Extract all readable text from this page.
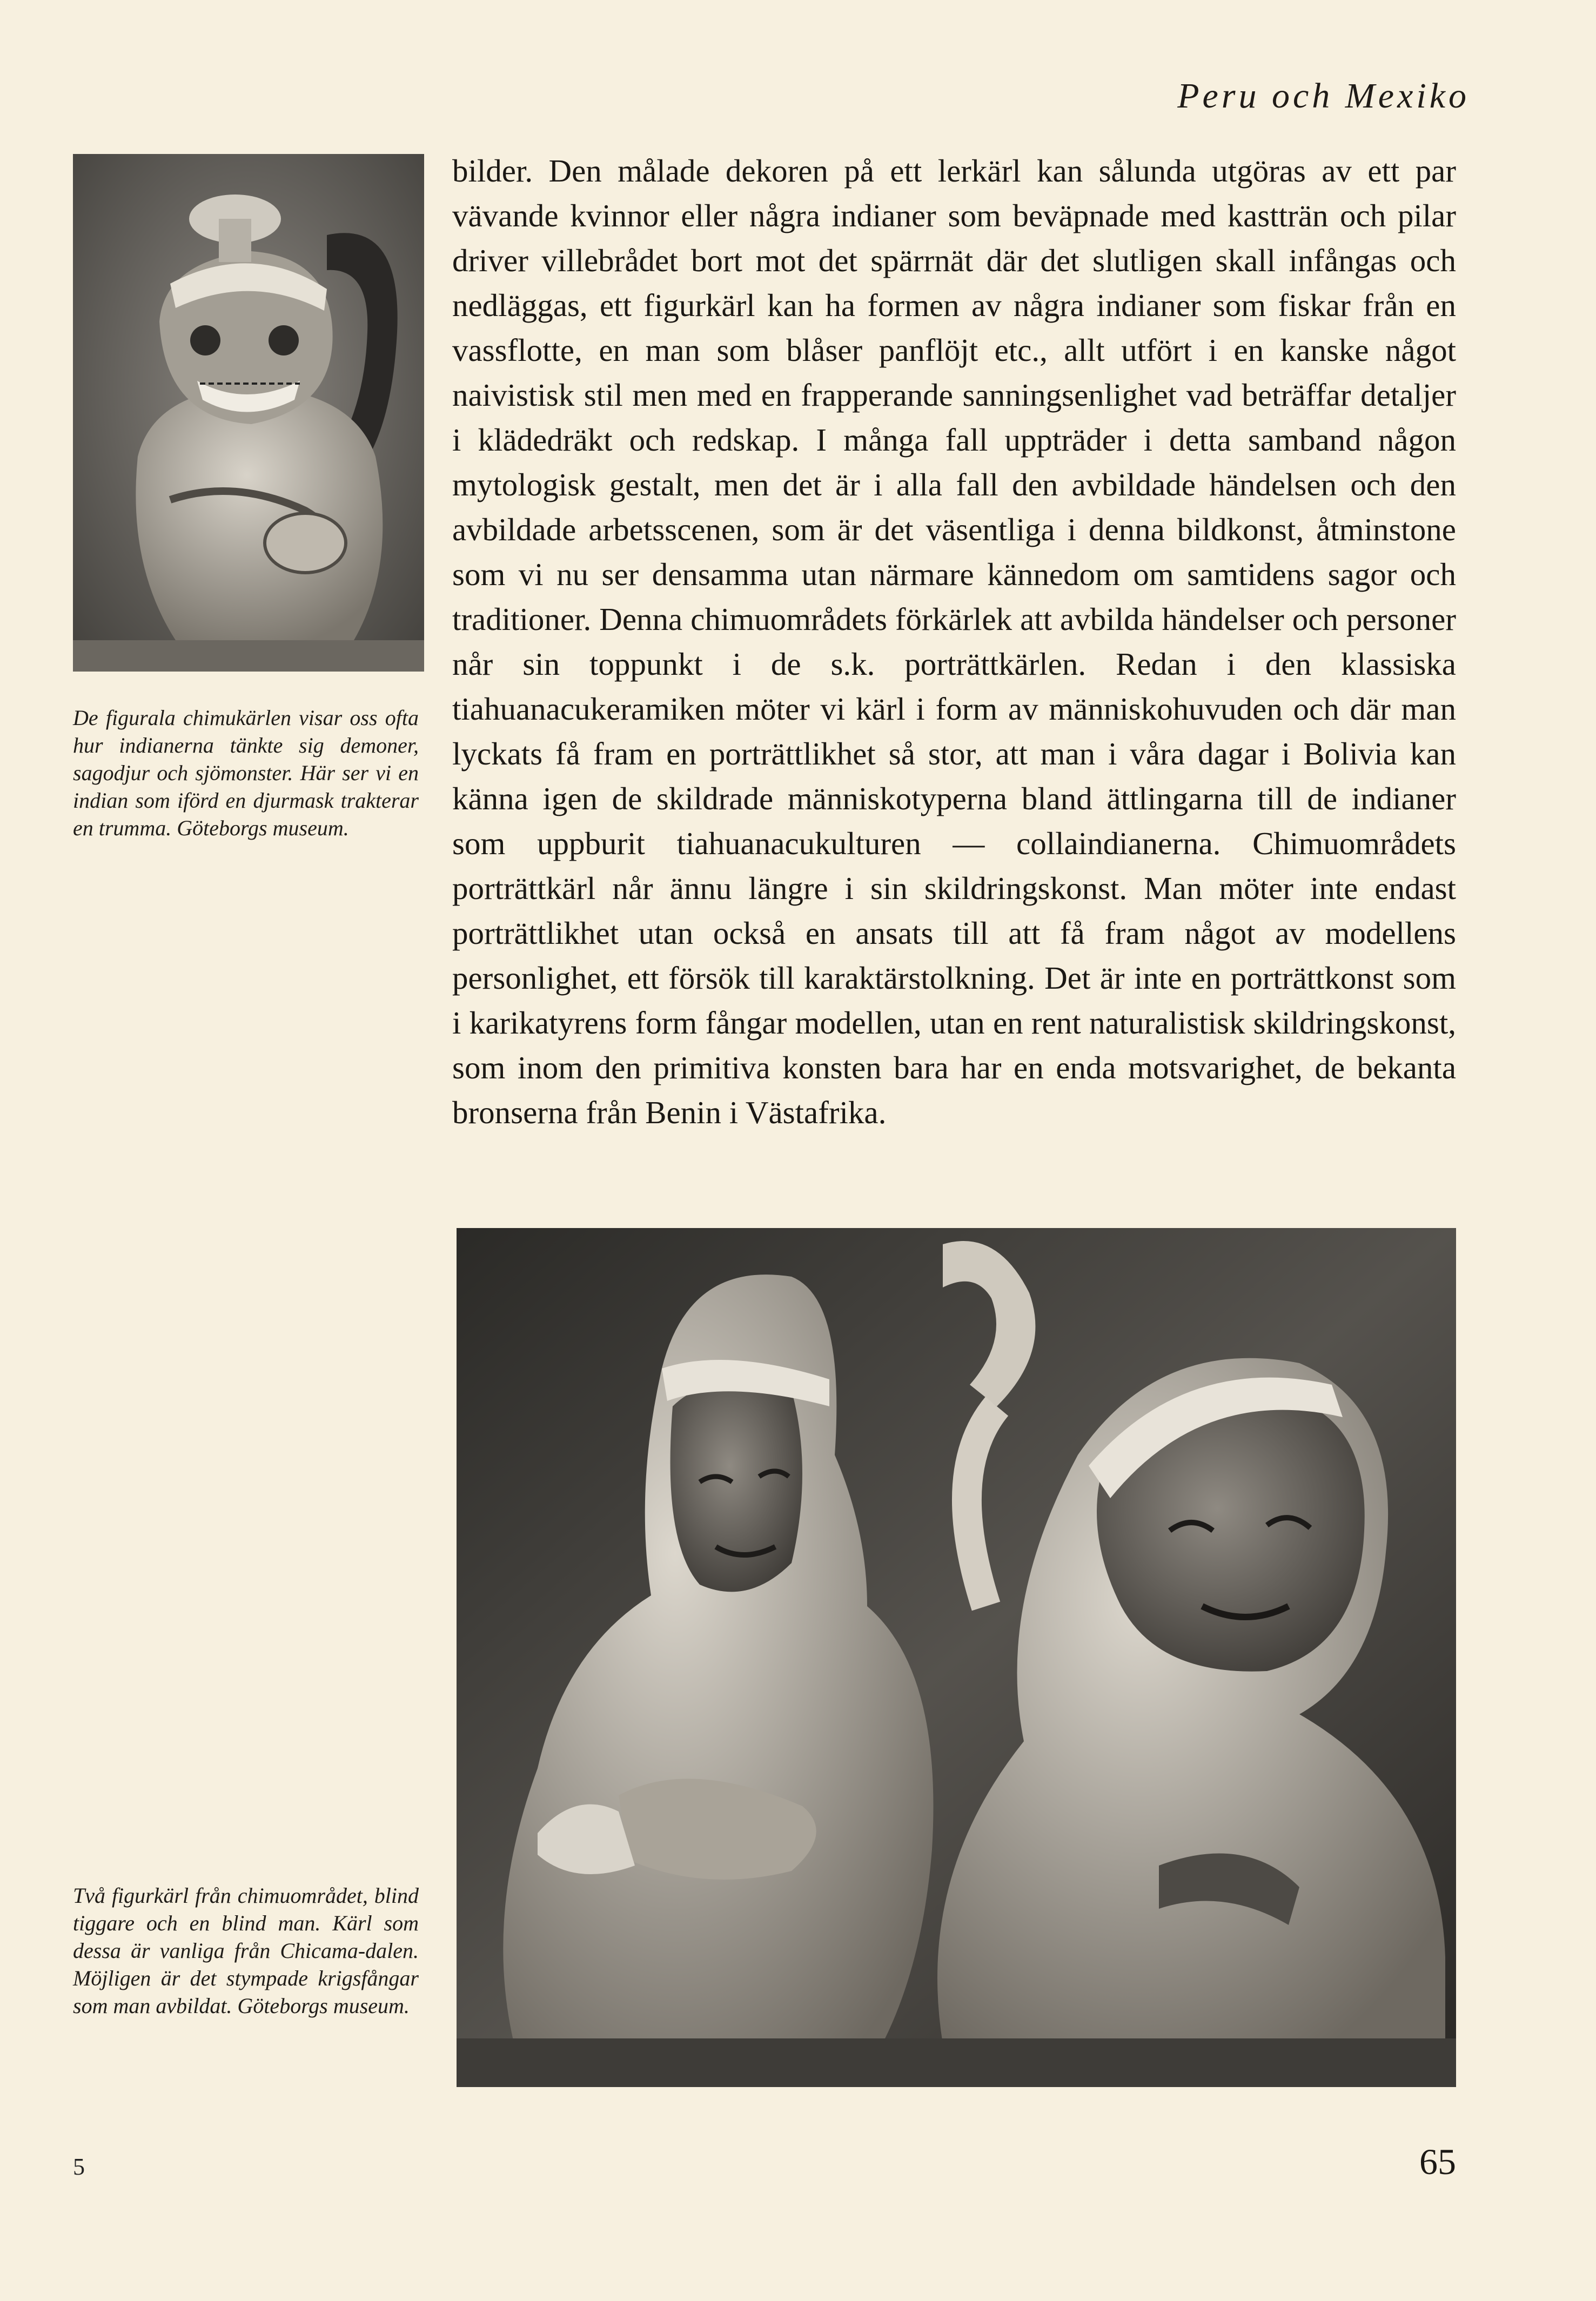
Peru och Mexiko

bilder. Den målade dekoren på ett lerkärl kan sålunda utgöras av ett par vävande kvinnor eller några indianer som beväpnade med kastträn och pilar driver villebrådet bort mot det spärrnät där det slutligen skall infångas och nedläggas, ett figurkärl kan ha formen av några indianer som fiskar från en vassflotte, en man som blåser panflöjt etc., allt utfört i en kanske något naivistisk stil men med en frapperande sanningsenlighet vad beträffar detaljer i klädedräkt och redskap. I många fall uppträder i detta samband någon mytologisk gestalt, men det är i alla fall den avbildade händelsen och den avbildade arbetsscenen, som är det väsentliga i denna bildkonst, åtminstone som vi nu ser densamma utan närmare kännedom om samtidens sagor och traditioner. Denna chimuområdets förkärlek att avbilda händelser och personer når sin toppunkt i de s.k. porträttkärlen. Redan i den klassiska tiahuanacukeramiken möter vi kärl i form av människohuvuden och där man lyckats få fram en porträttlikhet så stor, att man i våra dagar i Bolivia kan känna igen de skildrade människotyperna bland ättlingarna till de indianer som uppburit tiahuanacukulturen — collaindianerna. Chimuområdets porträttkärl når ännu längre i sin skildringskonst. Man möter inte endast porträttlikhet utan också en ansats till att få fram något av modellens personlighet, ett försök till karaktärstolkning. Det är inte en porträttkonst som i karikatyrens form fångar modellen, utan en rent naturalistisk skildringskonst, som inom den primitiva konsten bara har en enda motsvarighet, de bekanta bronserna från Benin i Västafrika.

De figurala chimukärlen visar oss ofta hur indianerna tänkte sig demoner, sagodjur och sjömonster. Här ser vi en indian som iförd en djurmask trakterar en trumma. Göteborgs museum.
Två figurkärl från chimuområdet, blind tiggare och en blind man. Kärl som dessa är vanliga från Chicama-dalen. Möjligen är det stympade krigsfångar som man avbildat. Göteborgs museum.
5	65
